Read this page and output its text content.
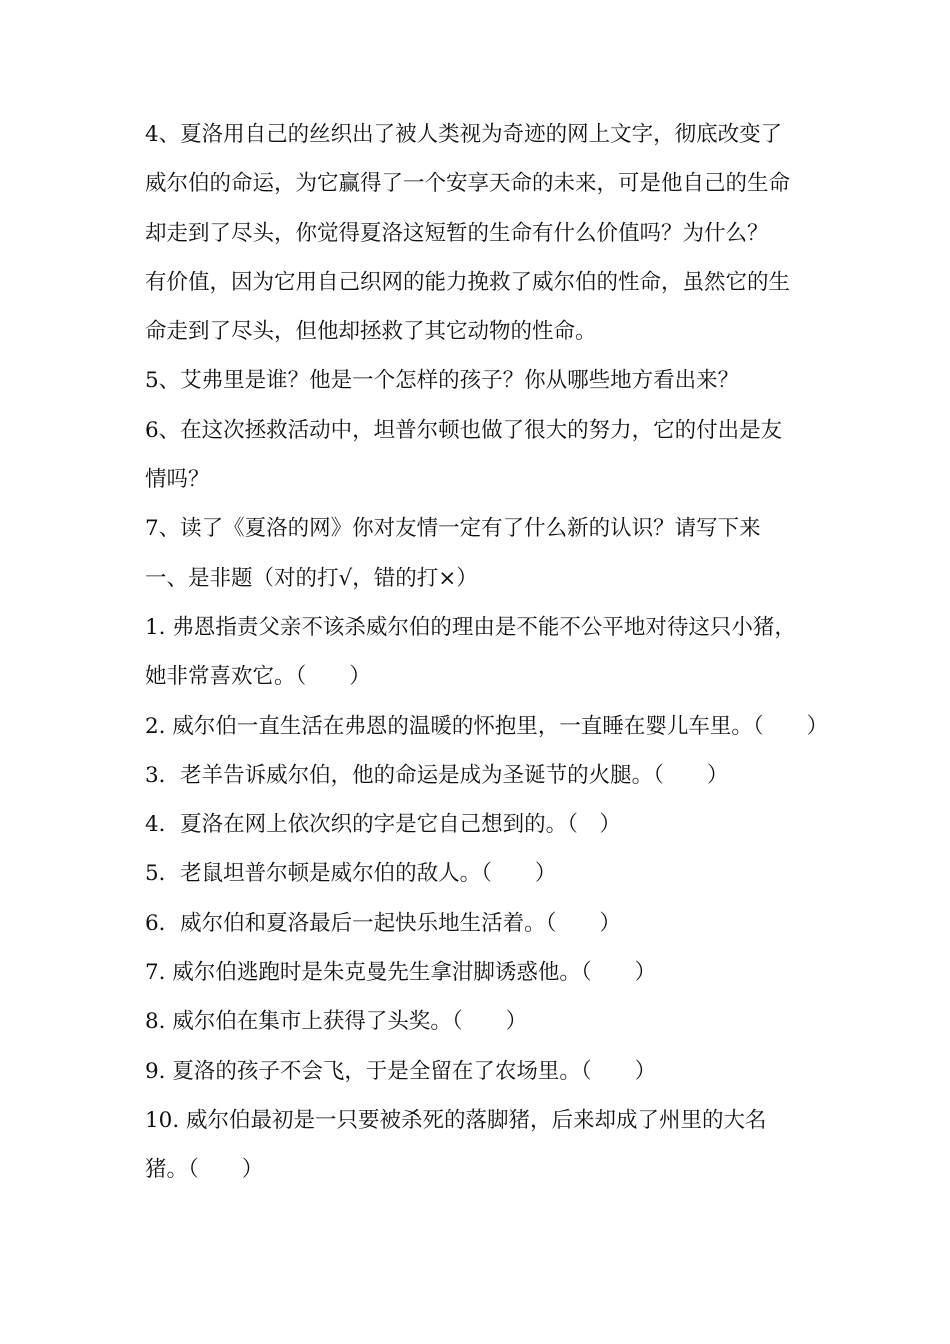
4、夏洛用自己的丝织出了被人类视为奇迹的网上文字，彻底改变了
威尔伯的命运，为它赢得了一个安享天命的未来，可是他自己的生命
却走到了尽头，你觉得夏洛这短暂的生命有什么价值吗？为什么？
有价值，因为它用自己织网的能力挽救了威尔伯的性命，虽然它的生
命走到了尽头，但他却拯救了其它动物的性命。
5、艾弗里是谁？他是一个怎样的孩子？你从哪些地方看出来？
6、在这次拯救活动中，坦普尔顿也做了很大的努力，它的付出是友
情吗？
7、读了《夏洛的网》你对友情一定有了什么新的认识？请写下来
一、是非题（对的打√，错的打×）
1. 弗恩指责父亲不该杀威尔伯的理由是不能不公平地对待这只小猪，
她非常喜欢它。（　　）
2. 威尔伯一直生活在弗恩的温暖的怀抱里，一直睡在婴儿车里。（　　）
3．老羊告诉威尔伯，他的命运是成为圣诞节的火腿。（　　）
4．夏洛在网上依次织的字是它自己想到的。（　）
5．老鼠坦普尔顿是威尔伯的敌人。（　　）
6．威尔伯和夏洛最后一起快乐地生活着。（　　）
7. 威尔伯逃跑时是朱克曼先生拿泔脚诱惑他。（　　）
8. 威尔伯在集市上获得了头奖。（　　）
9. 夏洛的孩子不会飞，于是全留在了农场里。（　　）
10. 威尔伯最初是一只要被杀死的落脚猪，后来却成了州里的大名
猪。（　　）
